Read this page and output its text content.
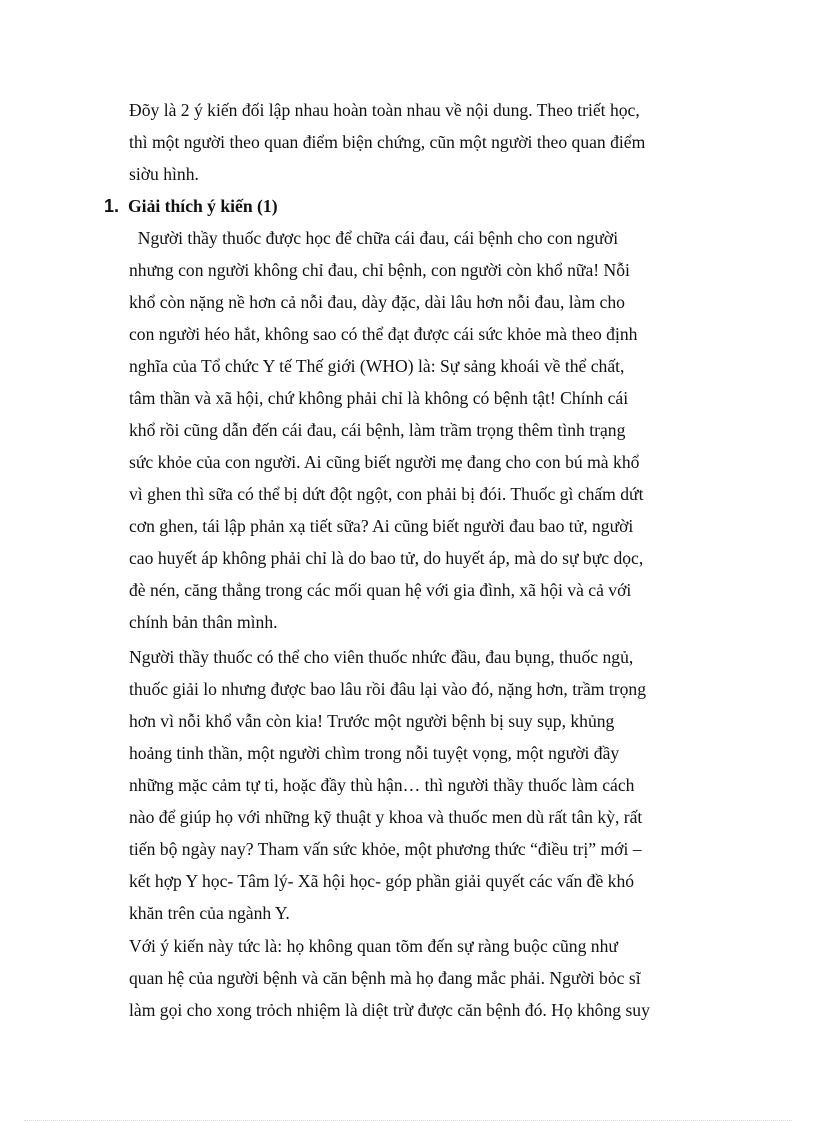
Đõy là 2 ý kiến đối lập nhau hoàn toàn nhau về nội dung. Theo triết học,
thì một người theo quan điểm biện chứng, cũn một người theo quan điểm
siờu hình.
1. Giải thích ý kiến (1)
Người thầy thuốc được học để chữa cái đau, cái bệnh cho con người
nhưng con người không chỉ đau, chỉ bệnh, con người còn khổ nữa! Nỗi
khổ còn nặng nề hơn cả nỗi đau, dày đặc, dài lâu hơn nỗi đau, làm cho
con người héo hắt, không sao có thể đạt được cái sức khỏe mà theo định
nghĩa của Tổ chức Y tế Thế giới (WHO) là: Sự sảng khoái về thể chất,
tâm thần và xã hội, chứ không phải chỉ là không có bệnh tật! Chính cái
khổ rồi cũng dẫn đến cái đau, cái bệnh, làm trầm trọng thêm tình trạng
sức khỏe của con người. Ai cũng biết người mẹ đang cho con bú mà khổ
vì ghen thì sữa có thể bị dứt đột ngột, con phải bị đói. Thuốc gì chấm dứt
cơn ghen, tái lập phản xạ tiết sữa? Ai cũng biết người đau bao tử, người
cao huyết áp không phải chỉ là do bao tử, do huyết áp, mà do sự bực dọc,
đè nén, căng thẳng trong các mối quan hệ với gia đình, xã hội và cả với
chính bản thân mình.
Người thầy thuốc có thể cho viên thuốc nhức đầu, đau bụng, thuốc ngủ,
thuốc giải lo nhưng được bao lâu rồi đâu lại vào đó, nặng hơn, trầm trọng
hơn vì nỗi khổ vẫn còn kia! Trước một người bệnh bị suy sụp, khủng
hoảng tinh thần, một người chìm trong nỗi tuyệt vọng, một người đầy
những mặc cảm tự ti, hoặc đầy thù hận… thì người thầy thuốc làm cách
nào để giúp họ với những kỹ thuật y khoa và thuốc men dù rất tân kỳ, rất
tiến bộ ngày nay? Tham vấn sức khỏe, một phương thức “điều trị” mới –
kết hợp Y học- Tâm lý- Xã hội học- góp phần giải quyết các vấn đề khó
khăn trên của ngành Y.
Với ý kiến này tức là: họ không quan tõm đến sự ràng buộc cũng như
quan hệ của người bệnh và căn bệnh mà họ đang mắc phải. Người bỏc sĩ
làm gọi cho xong trỏch nhiệm là diệt trừ được căn bệnh đó. Họ không suy
